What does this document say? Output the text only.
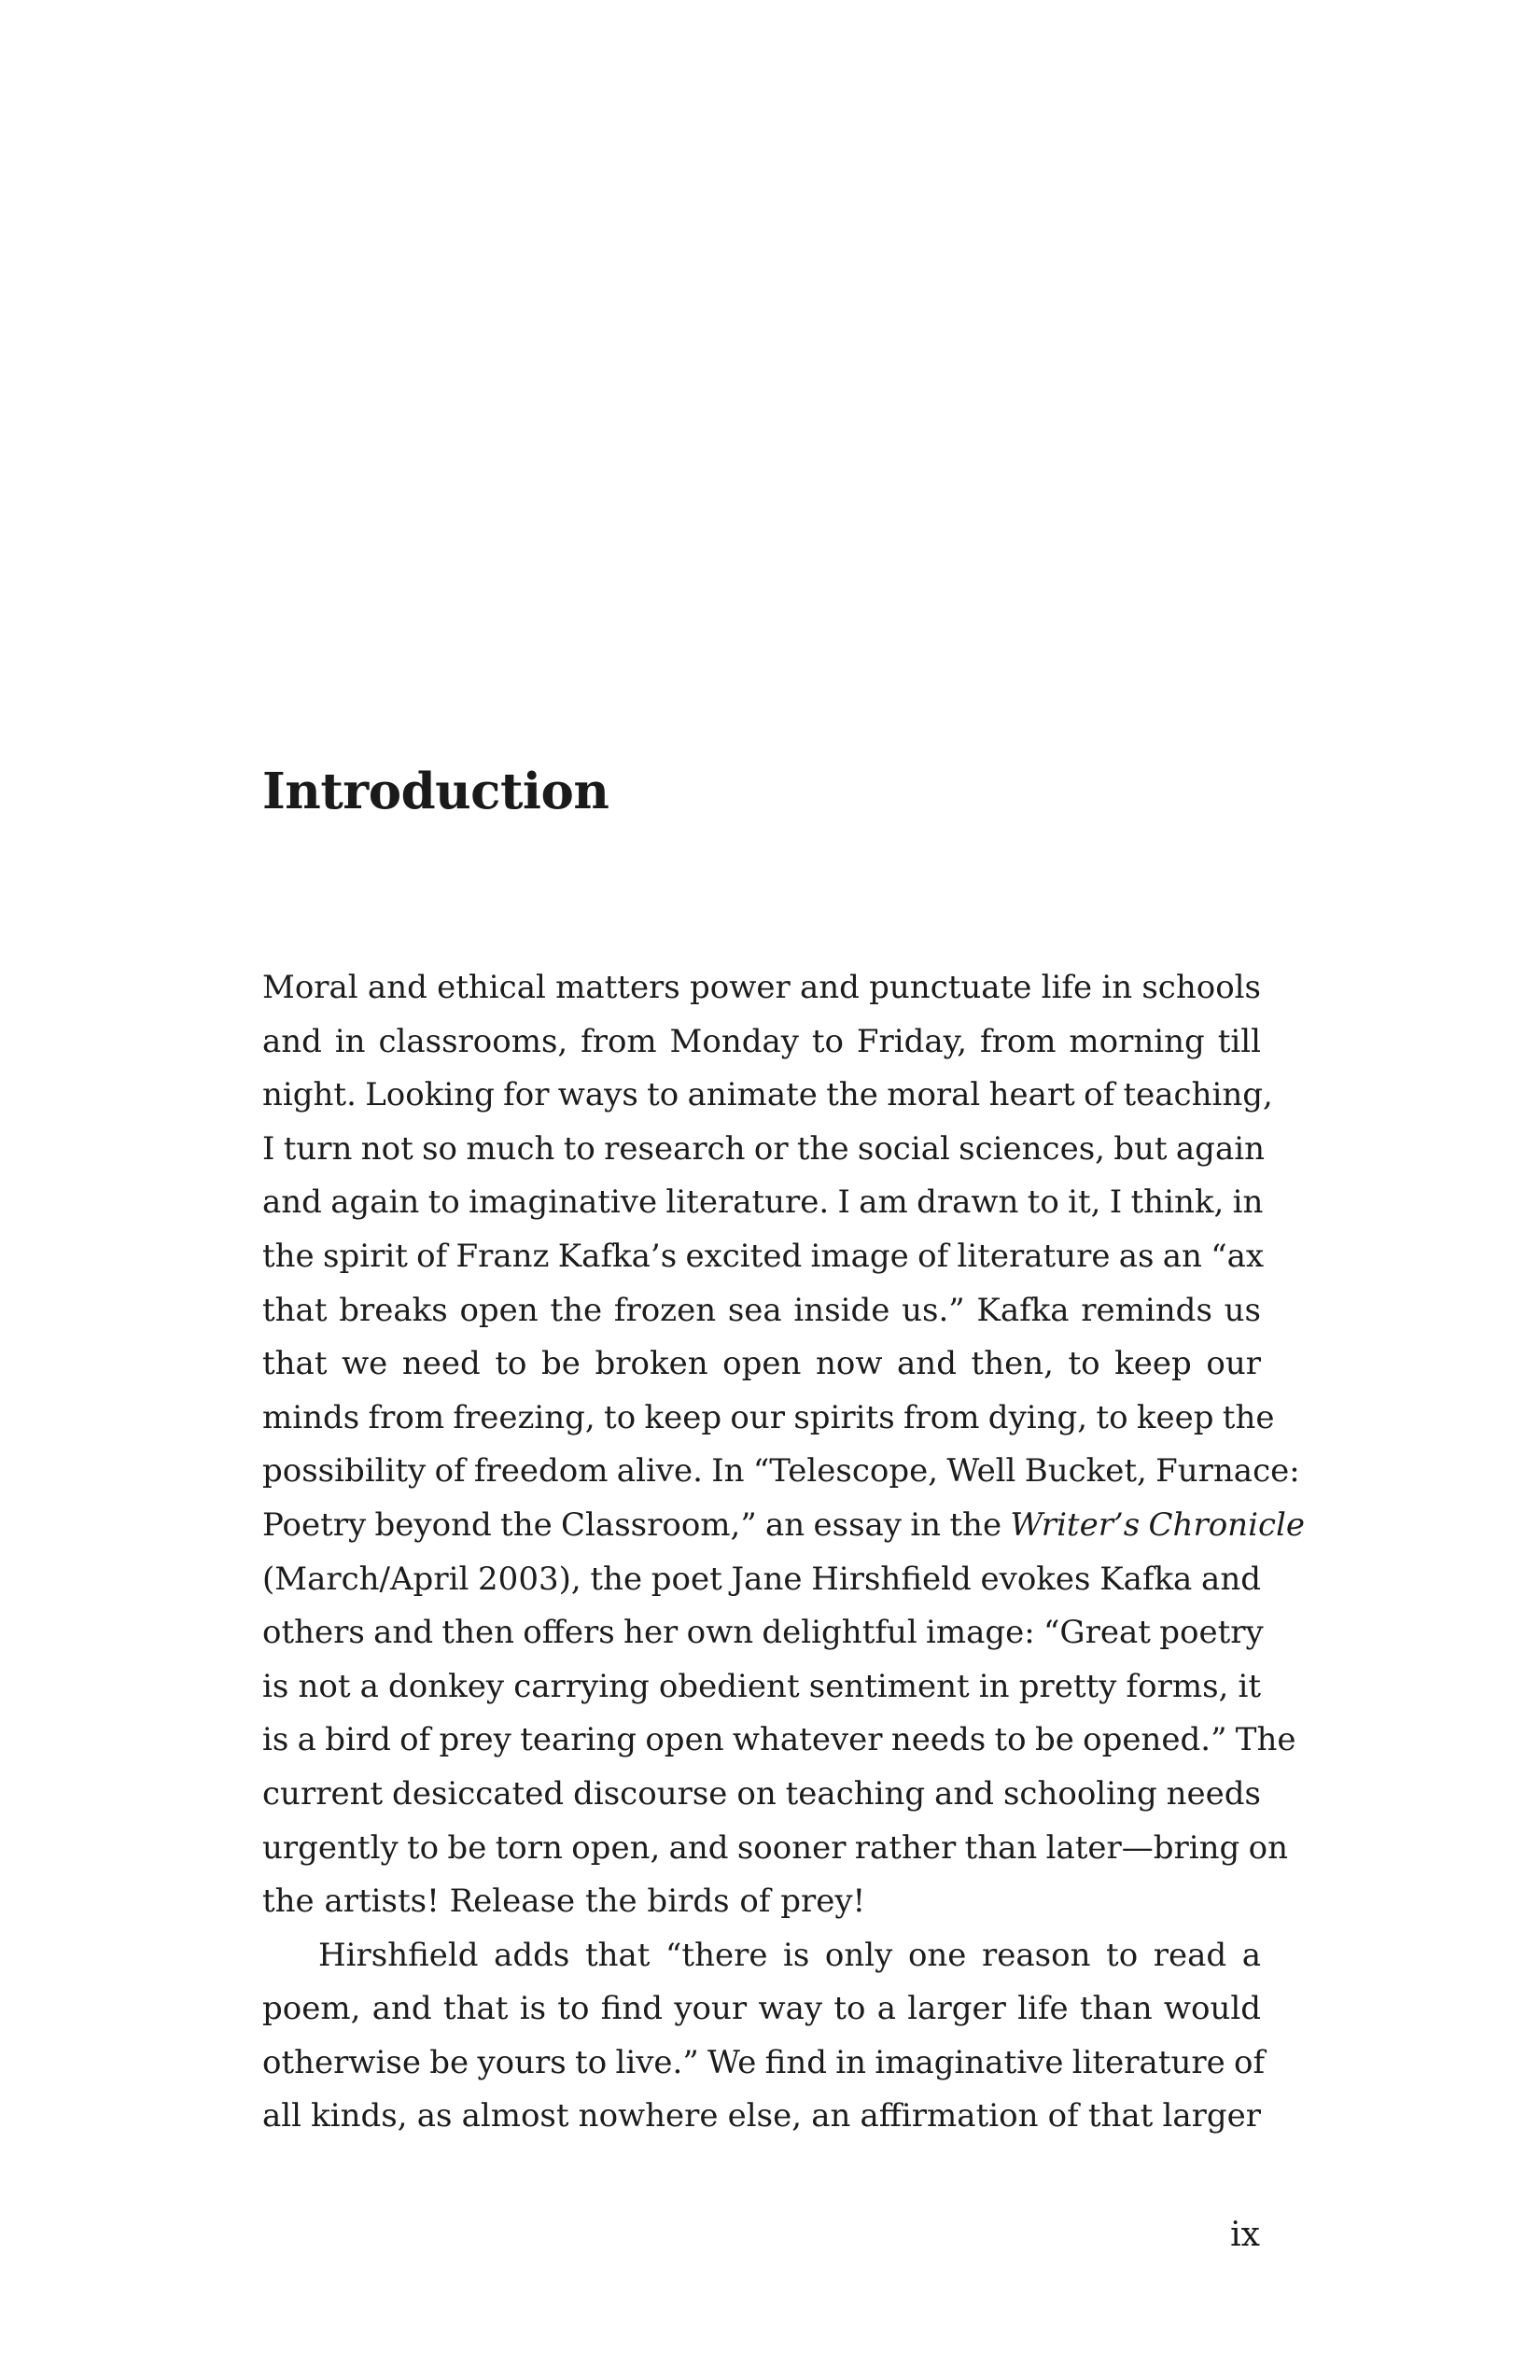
Introduction
Moral and ethical matters power and punctuate life in schools
and in classrooms, from Monday to Friday, from morning till
night. Looking for ways to animate the moral heart of teaching,
I turn not so much to research or the social sciences, but again
and again to imaginative literature. I am drawn to it, I think, in
the spirit of Franz Kafka’s excited image of literature as an “ax
that breaks open the frozen sea inside us.” Kafka reminds us
that we need to be broken open now and then, to keep our
minds from freezing, to keep our spirits from dying, to keep the
possibility of freedom alive. In “Telescope, Well Bucket, Furnace:
Poetry beyond the Classroom,” an essay in the Writer’s Chronicle
(March/April 2003), the poet Jane Hirshfield evokes Kafka and
others and then offers her own delightful image: “Great poetry
is not a donkey carrying obedient sentiment in pretty forms, it
is a bird of prey tearing open whatever needs to be opened.” The
current desiccated discourse on teaching and schooling needs
urgently to be torn open, and sooner rather than later—bring on
the artists! Release the birds of prey!
Hirshfield adds that “there is only one reason to read a
poem, and that is to find your way to a larger life than would
otherwise be yours to live.” We find in imaginative literature of
all kinds, as almost nowhere else, an affirmation of that larger
ix
